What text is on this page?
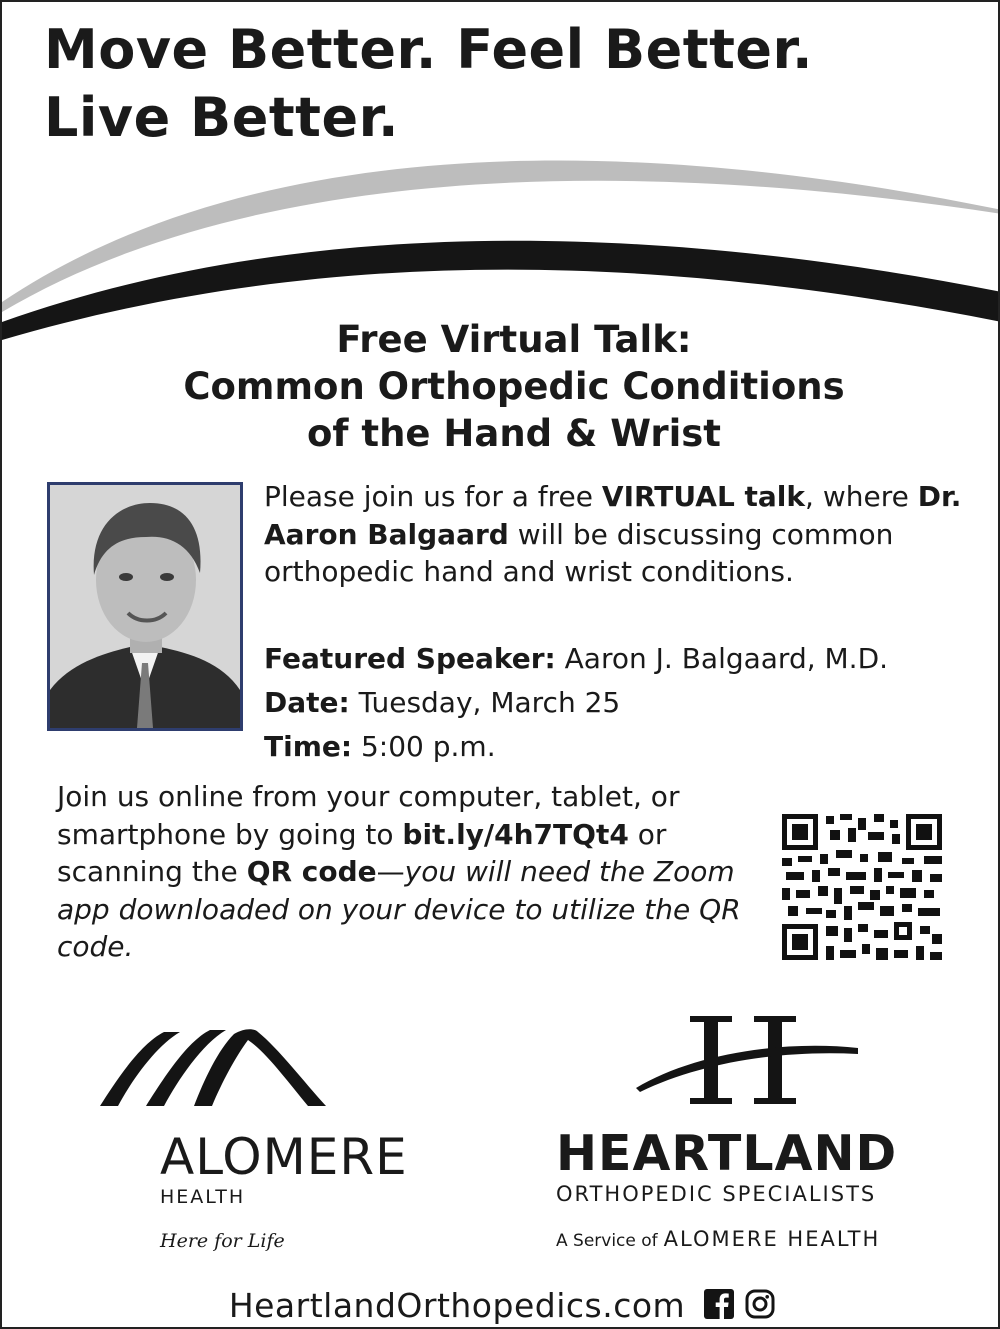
Move Better. Feel Better.
Live Better.
Free Virtual Talk:
Common Orthopedic Conditions
of the Hand & Wrist

Please join us for a free VIRTUAL talk, where Dr. Aaron Balgaard will be discussing common orthopedic hand and wrist conditions.

Featured Speaker: Aaron J. Balgaard, M.D.

Date: Tuesday, March 25

Time: 5:00 p.m.

Join us online from your computer, tablet, or smartphone by going to bit.ly/4h7TQt4 or scanning the QR code—you will need the Zoom app downloaded on your device to utilize the QR code.

ALOMERE

HEALTH

Here for Life

HEARTLAND

ORTHOPEDIC SPECIALISTS

A Service of ALOMERE HEALTH

HeartlandOrthopedics.com
